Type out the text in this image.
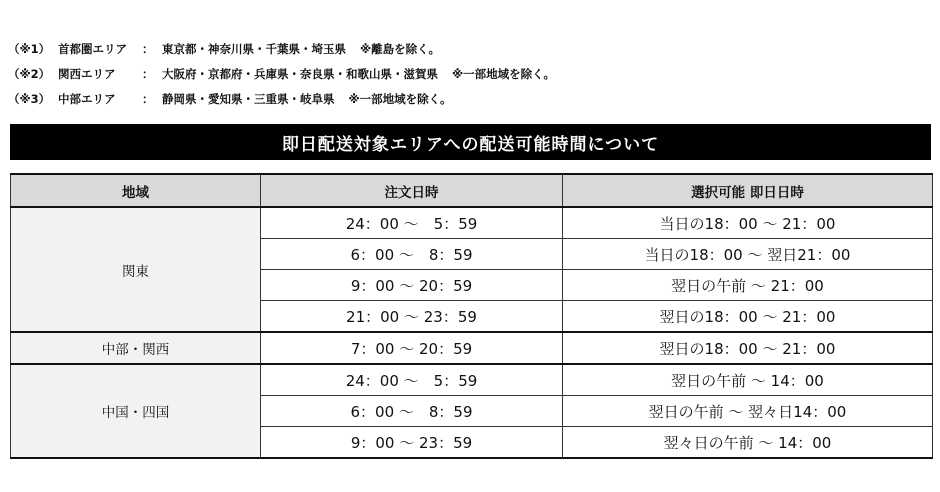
（※1） 首都圏エリア	： 東京都・神奈川県・千葉県・埼玉県 ※離島を除く。
（※2） 関西エリア	： 大阪府・京都府・兵庫県・奈良県・和歌山県・滋賀県 ※一部地域を除く。
（※3） 中部エリア	： 静岡県・愛知県・三重県・岐阜県 ※一部地域を除く。
即日配送対象エリアへの配送可能時間について
地域	注文日時	選択可能 即日日時
関東	24：00 ～　5：59	当日の18：00 ～ 21：00
	6：00 ～　8：59	当日の18：00 ～ 翌日21：00
	9：00 ～ 20：59	翌日の午前 ～ 21：00
	21：00 ～ 23：59	翌日の18：00 ～ 21：00
中部・関西	7：00 ～ 20：59	翌日の18：00 ～ 21：00
中国・四国	24：00 ～　5：59	翌日の午前 ～ 14：00
	6：00 ～　8：59	翌日の午前 ～ 翌々日14：00
	9：00 ～ 23：59	翌々日の午前 ～ 14：00
